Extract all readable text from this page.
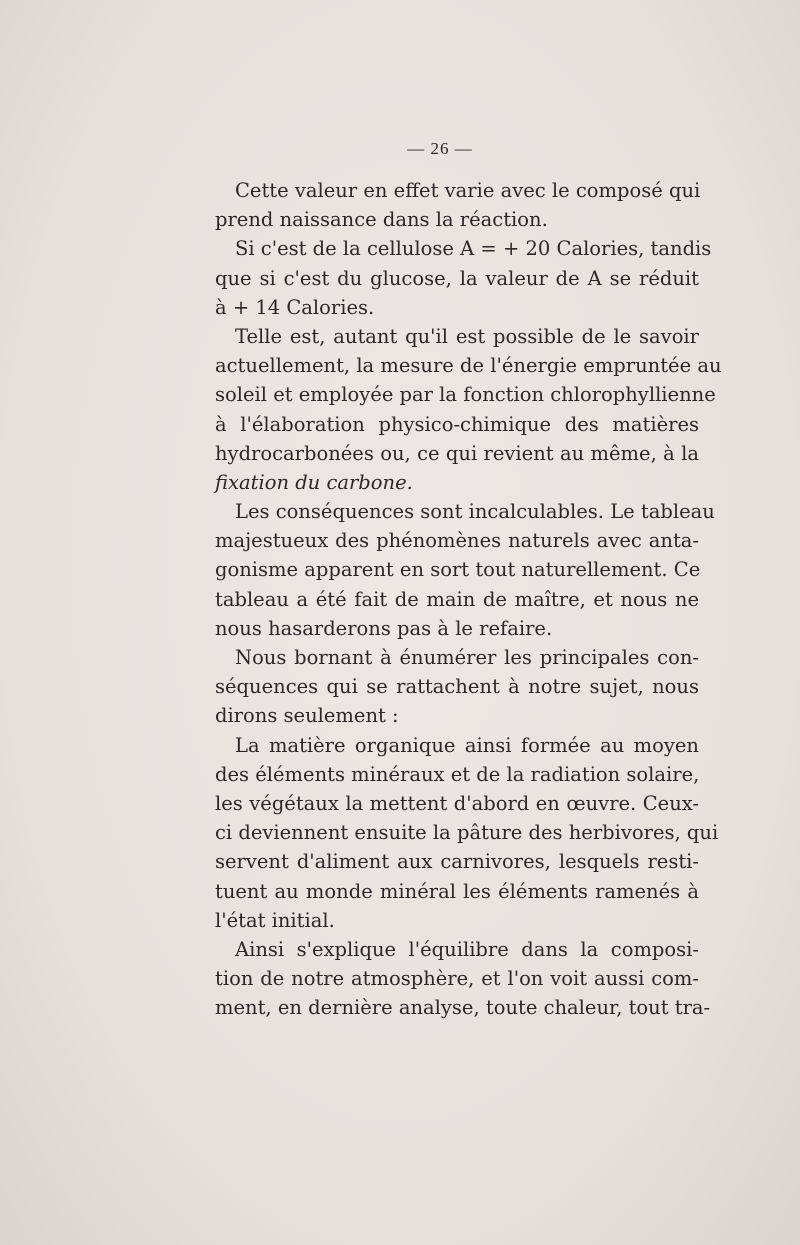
— 26 —
Cette valeur en effet varie avec le composé qui
prend naissance dans la réaction.
Si c'est de la cellulose A = + 20 Calories, tandis
que si c'est du glucose, la valeur de A se réduit
à + 14 Calories.
Telle est, autant qu'il est possible de le savoir
actuellement, la mesure de l'énergie empruntée au
soleil et employée par la fonction chlorophyllienne
à l'élaboration physico-chimique des matières
hydrocarbonées ou, ce qui revient au même, à la
fixation du carbone.
Les conséquences sont incalculables. Le tableau
majestueux des phénomènes naturels avec anta-
gonisme apparent en sort tout naturellement. Ce
tableau a été fait de main de maître, et nous ne
nous hasarderons pas à le refaire.
Nous bornant à énumérer les principales con-
séquences qui se rattachent à notre sujet, nous
dirons seulement :
La matière organique ainsi formée au moyen
des éléments minéraux et de la radiation solaire,
les végétaux la mettent d'abord en œuvre. Ceux-
ci deviennent ensuite la pâture des herbivores, qui
servent d'aliment aux carnivores, lesquels resti-
tuent au monde minéral les éléments ramenés à
l'état initial.
Ainsi s'explique l'équilibre dans la composi-
tion de notre atmosphère, et l'on voit aussi com-
ment, en dernière analyse, toute chaleur, tout tra-
